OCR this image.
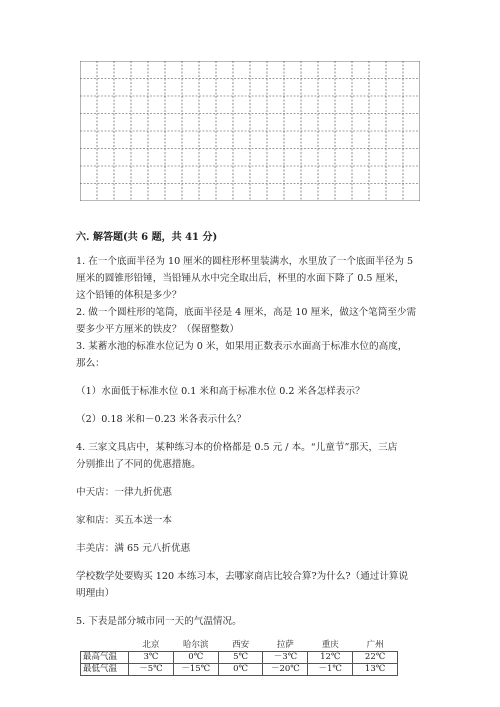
六. 解答题(共 6 题，共 41 分)

1. 在一个底面半径为 10 厘米的圆柱形杯里装满水，水里放了一个底面半径为 5

厘米的圆锥形铅锤，当铅锤从水中完全取出后，杯里的水面下降了 0.5 厘米，

这个铅锤的体积是多少？

2. 做一个圆柱形的笔筒，底面半径是 4 厘米，高是 10 厘米，做这个笔筒至少需

要多少平方厘米的铁皮？（保留整数）

3. 某蓄水池的标准水位记为 0 米，如果用正数表示水面高于标准水位的高度，

那么：

（1）水面低于标准水位 0.1 米和高于标准水位 0.2 米各怎样表示？

（2）0.18 米和－0.23 米各表示什么？

4. 三家文具店中，某种练习本的价格都是 0.5 元 / 本。“儿童节”那天，三店

分别推出了不同的优惠措施。

中天店：一律九折优惠

家和店：买五本送一本

丰美店：满 65 元八折优惠

学校数学处要购买 120 本练习本，去哪家商店比较合算?为什么?（通过计算说

明理由）

5. 下表是部分城市同一天的气温情况。

	北京	哈尔滨	西安	拉萨	重庆	广州
最高气温	3℃	0℃	5℃	－3℃	12℃	22℃
最低气温	－5℃	－15℃	0℃	－20℃	－1℃	13℃
